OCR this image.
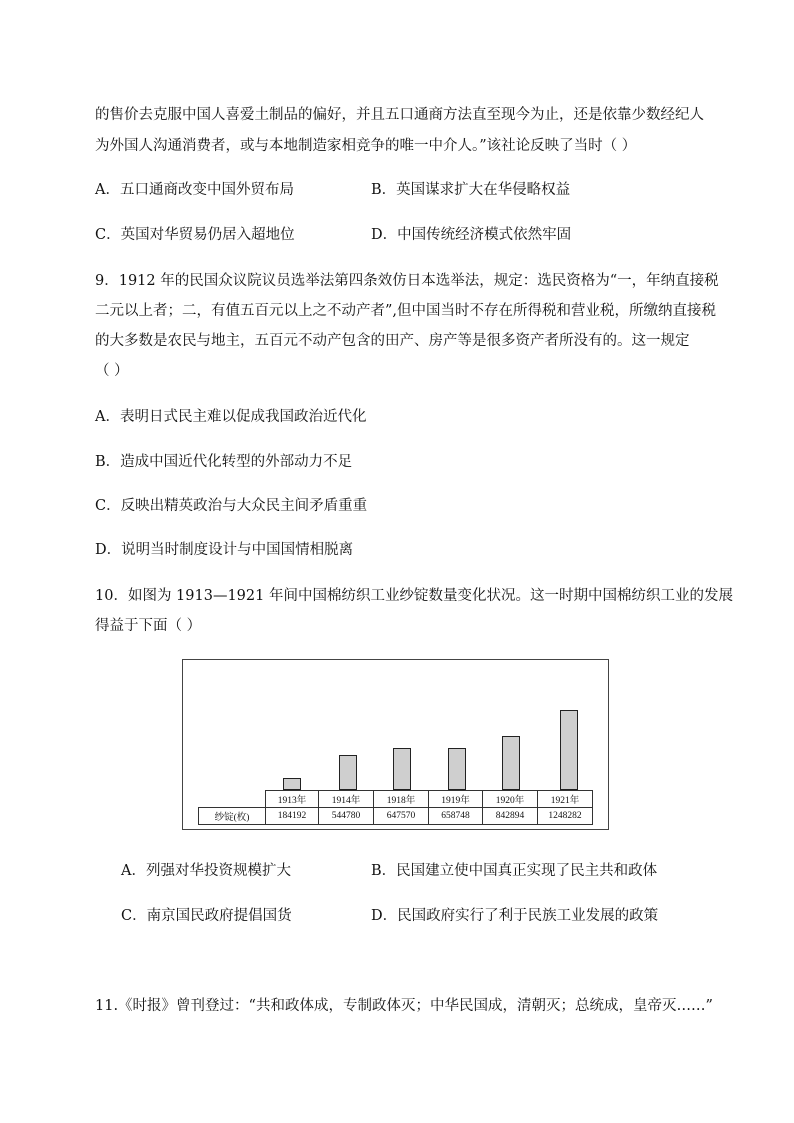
的售价去克服中国人喜爱土制品的偏好，并且五口通商方法直至现今为止，还是依靠少数经纪人
为外国人沟通消费者，或与本地制造家相竞争的唯一中介人。”该社论反映了当时（ ）
A．五口通商改变中国外贸布局	B．英国谋求扩大在华侵略权益
C．英国对华贸易仍居入超地位	D．中国传统经济模式依然牢固
9．1912 年的民国众议院议员选举法第四条效仿日本选举法，规定：选民资格为“一，年纳直接税
二元以上者；二，有值五百元以上之不动产者”,但中国当时不存在所得税和营业税，所缴纳直接税
的大多数是农民与地主，五百元不动产包含的田产、房产等是很多资产者所没有的。这一规定
（ ）
A．表明日式民主难以促成我国政治近代化
B．造成中国近代化转型的外部动力不足
C．反映出精英政治与大众民主间矛盾重重
D．说明当时制度设计与中国国情相脱离
10．如图为 1913—1921 年间中国棉纺织工业纱锭数量变化状况。这一时期中国棉纺织工业的发展
得益于下面（ ）
	1913年	1914年	1918年	1919年	1920年	1921年
纱锭(枚)	184192	544780	647570	658748	842894	1248282
A．列强对华投资规模扩大	B．民国建立使中国真正实现了民主共和政体
C．南京国民政府提倡国货	D．民国政府实行了利于民族工业发展的政策
11.《时报》曾刊登过：“共和政体成，专制政体灭；中华民国成，清朝灭；总统成，皇帝灭……”
